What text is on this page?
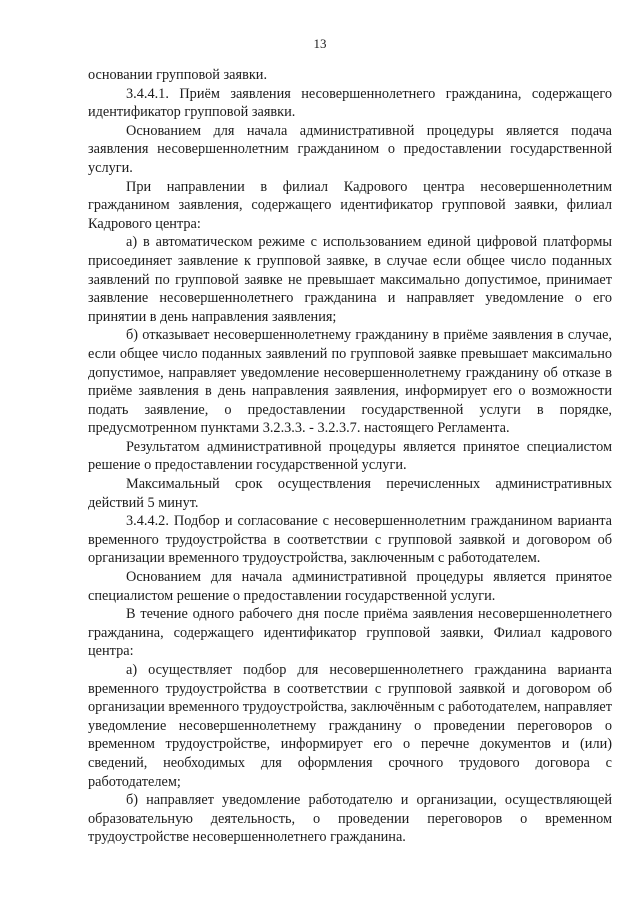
13

основании групповой заявки.

3.4.4.1. Приём заявления несовершеннолетнего гражданина, содержащего идентификатор групповой заявки.

Основанием для начала административной процедуры является подача заявления несовершеннолетним гражданином о предоставлении государственной услуги.

При направлении в филиал Кадрового центра несовершеннолетним гражданином заявления, содержащего идентификатор групповой заявки, филиал Кадрового центра:

а) в автоматическом режиме с использованием единой цифровой платформы присоединяет заявление к групповой заявке, в случае если общее число поданных заявлений по групповой заявке не превышает максимально допустимое, принимает заявление несовершеннолетнего гражданина и направляет уведомление о его принятии в день направления заявления;

б) отказывает несовершеннолетнему гражданину в приёме заявления в случае, если общее число поданных заявлений по групповой заявке превышает максимально допустимое, направляет уведомление несовершеннолетнему гражданину об отказе в приёме заявления в день направления заявления, информирует его о возможности подать заявление, о предоставлении государственной услуги в порядке, предусмотренном пунктами 3.2.3.3. - 3.2.3.7. настоящего Регламента.

Результатом административной процедуры является принятое специалистом решение о предоставлении государственной услуги.

Максимальный срок осуществления перечисленных административных действий 5 минут.

3.4.4.2. Подбор и согласование с несовершеннолетним гражданином варианта временного трудоустройства в соответствии с групповой заявкой и договором об организации временного трудоустройства, заключенным с работодателем.

Основанием для начала административной процедуры является принятое специалистом решение о предоставлении государственной услуги.

В течение одного рабочего дня после приёма заявления несовершеннолетнего гражданина, содержащего идентификатор групповой заявки, Филиал кадрового центра:

а) осуществляет подбор для несовершеннолетнего гражданина варианта временного трудоустройства в соответствии с групповой заявкой и договором об организации временного трудоустройства, заключённым с работодателем, направляет уведомление несовершеннолетнему гражданину о проведении переговоров о временном трудоустройстве, информирует его о перечне документов и (или) сведений, необходимых для оформления срочного трудового договора с работодателем;

б) направляет уведомление работодателю и организации, осуществляющей образовательную деятельность, о проведении переговоров о временном трудоустройстве несовершеннолетнего гражданина.
